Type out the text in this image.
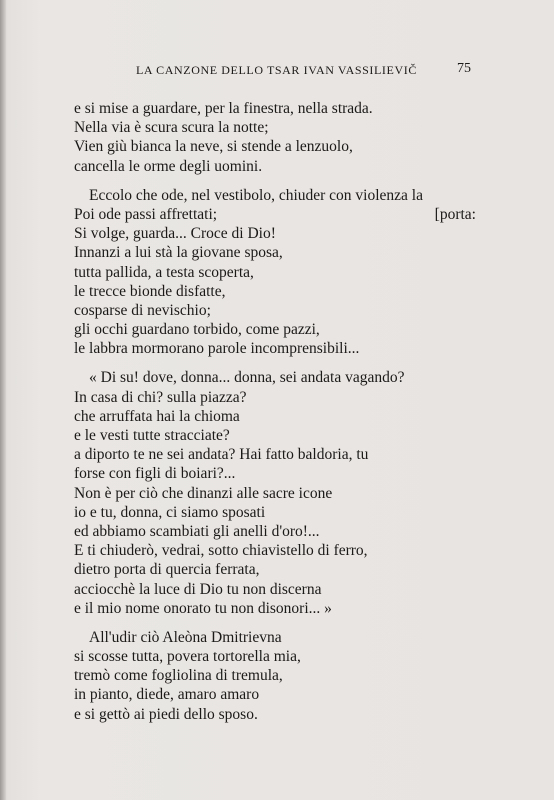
LA CANZONE DELLO TSAR IVAN VASSILIEVIČ	75
e si mise a guardare, per la finestra, nella strada.
Nella via è scura scura la notte;
Vien giù bianca la neve, si stende a lenzuolo,
cancella le orme degli uomini.
Eccolo che ode, nel vestibolo, chiuder con violenza la
Poi ode passi affrettati;	[porta:
Si volge, guarda... Croce di Dio!
Innanzi a lui stà la giovane sposa,
tutta pallida, a testa scoperta,
le trecce bionde disfatte,
cosparse di nevischio;
gli occhi guardano torbido, come pazzi,
le labbra mormorano parole incomprensibili...
« Di su! dove, donna... donna, sei andata vagando?
In casa di chi? sulla piazza?
che arruffata hai la chioma
e le vesti tutte stracciate?
a diporto te ne sei andata? Hai fatto baldoria, tu
forse con figli di boiari?...
Non è per ciò che dinanzi alle sacre icone
io e tu, donna, ci siamo sposati
ed abbiamo scambiati gli anelli d'oro!...
E ti chiuderò, vedrai, sotto chiavistello di ferro,
dietro porta di quercia ferrata,
acciocchè la luce di Dio tu non discerna
e il mio nome onorato tu non disonori... »
All'udir ciò Aleòna Dmitrievna
si scosse tutta, povera tortorella mia,
tremò come fogliolina di tremula,
in pianto, diede, amaro amaro
e si gettò ai piedi dello sposo.
